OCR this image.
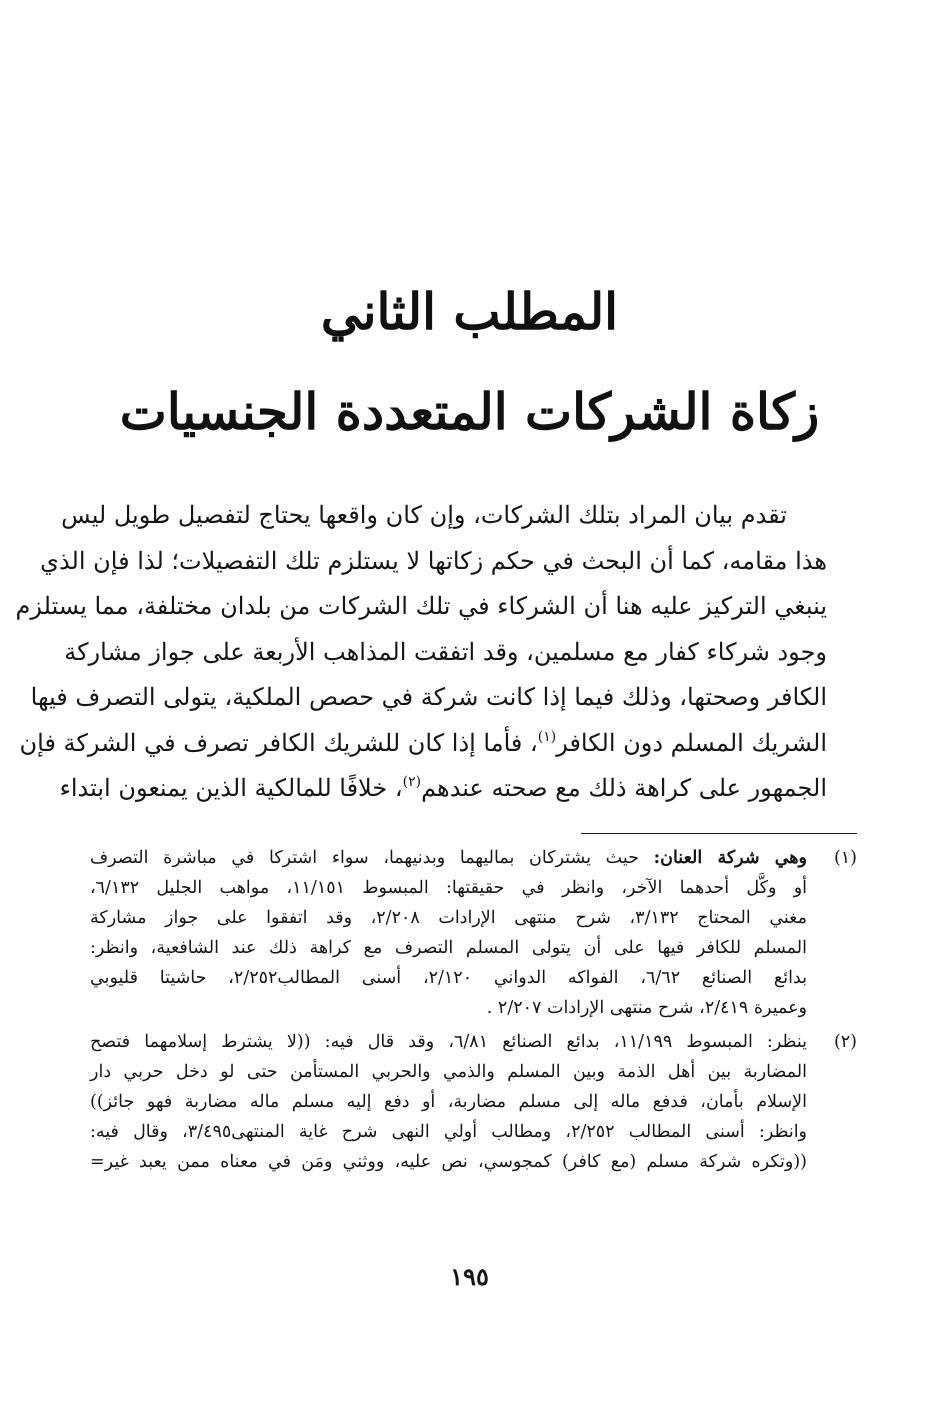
المطلب الثاني
زكاة الشركات المتعددة الجنسيات
تقدم بيان المراد بتلك الشركات، وإن كان واقعها يحتاج لتفصيل طويل ليس
هذا مقامه، كما أن البحث في حكم زكاتها لا يستلزم تلك التفصيلات؛ لذا فإن الذي
ينبغي التركيز عليه هنا أن الشركاء في تلك الشركات من بلدان مختلفة، مما يستلزم
وجود شركاء كفار مع مسلمين، وقد اتفقت المذاهب الأربعة على جواز مشاركة
الكافر وصحتها، وذلك فيما إذا كانت شركة في حصص الملكية، يتولى التصرف فيها
الشريك المسلم دون الكافر$^{(١)}$، فأما إذا كان للشريك الكافر تصرف في الشركة فإن
الجمهور على كراهة ذلك مع صحته عندهم$^{(٢)}$، خلافًا للمالكية الذين يمنعون ابتداء
(١)
وهي شركة العنان: حيث يشتركان بماليهما وبدنيهما، سواء اشتركا في مباشرة التصرف
أو وكَّل أحدهما الآخر، وانظر في حقيقتها: المبسوط ١١/١٥١، مواهب الجليل ٦/١٣٢،
مغني المحتاج ٣/١٣٢، شرح منتهى الإرادات ٢/٢٠٨، وقد اتفقوا على جواز مشاركة
المسلم للكافر فيها على أن يتولى المسلم التصرف مع كراهة ذلك عند الشافعية، وانظر:
بدائع الصنائع ٦/٦٢، الفواكه الدواني ٢/١٢٠، أسنى المطالب٢/٢٥٢، حاشيتا قليوبي
وعميرة ٢/٤١٩، شرح منتهى الإرادات ٢/٢٠٧ .
(٢)
ينظر: المبسوط ١١/١٩٩، بدائع الصنائع ٦/٨١، وقد قال فيه: ((لا يشترط إسلامهما فتصح
المضاربة بين أهل الذمة وبين المسلم والذمي والحربي المستأمن حتى لو دخل حربي دار
الإسلام بأمان، فدفع ماله إلى مسلم مضاربة، أو دفع إليه مسلم ماله مضاربة فهو جائز))
وانظر: أسنى المطالب ٢/٢٥٢، ومطالب أولي النهى شرح غاية المنتهى٣/٤٩٥، وقال فيه:
((وتكره شركة مسلم (مع كافر) كمجوسي، نص عليه، ووثني ومَن في معناه ممن يعبد غير=
١٩٥
